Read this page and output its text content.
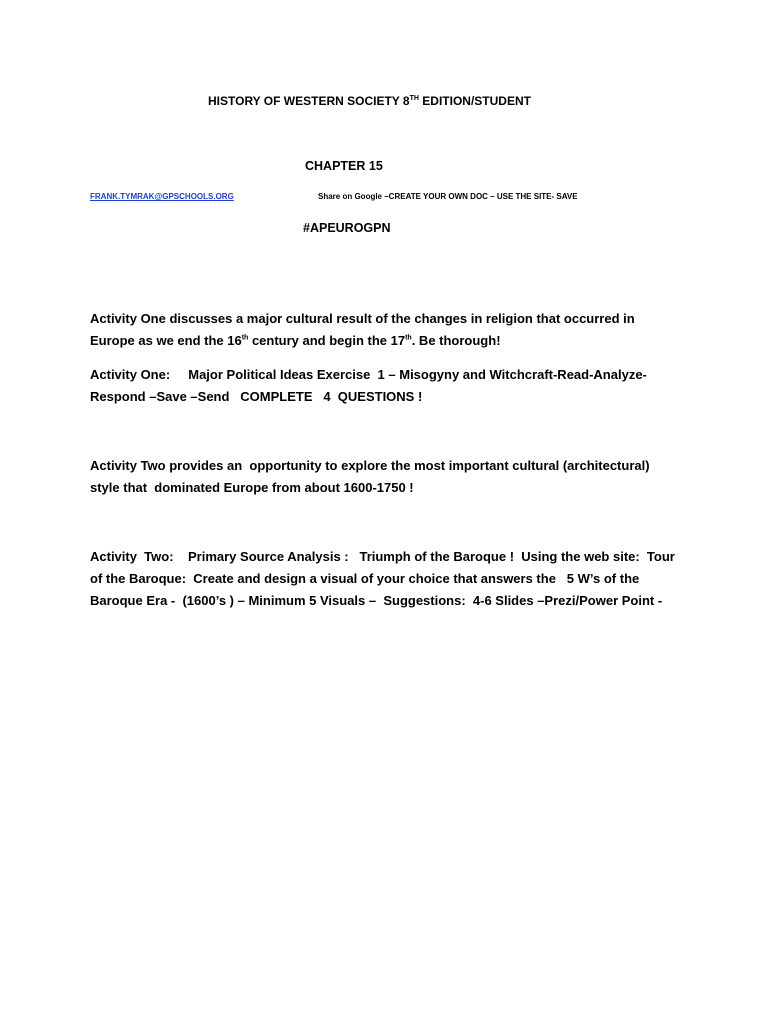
HISTORY OF WESTERN SOCIETY 8TH EDITION/STUDENT
CHAPTER 15
FRANK.TYMRAK@GPSCHOOLS.ORG	Share on Google –CREATE YOUR OWN DOC – USE THE SITE- SAVE
#APEUROGPN
Activity One discusses a major cultural result of the changes in religion that occurred in
Europe as we end the 16th century and begin the 17th. Be thorough!
Activity One:     Major Political Ideas Exercise  1 – Misogyny and Witchcraft-Read-Analyze-
Respond –Save –Send   COMPLETE   4  QUESTIONS !
Activity Two provides an  opportunity to explore the most important cultural (architectural)
style that  dominated Europe from about 1600-1750 !
Activity  Two:    Primary Source Analysis :   Triumph of the Baroque !  Using the web site:  Tour
of the Baroque:  Create and design a visual of your choice that answers the   5 W’s of the
Baroque Era -  (1600’s ) – Minimum 5 Visuals –  Suggestions:  4-6 Slides –Prezi/Power Point -
